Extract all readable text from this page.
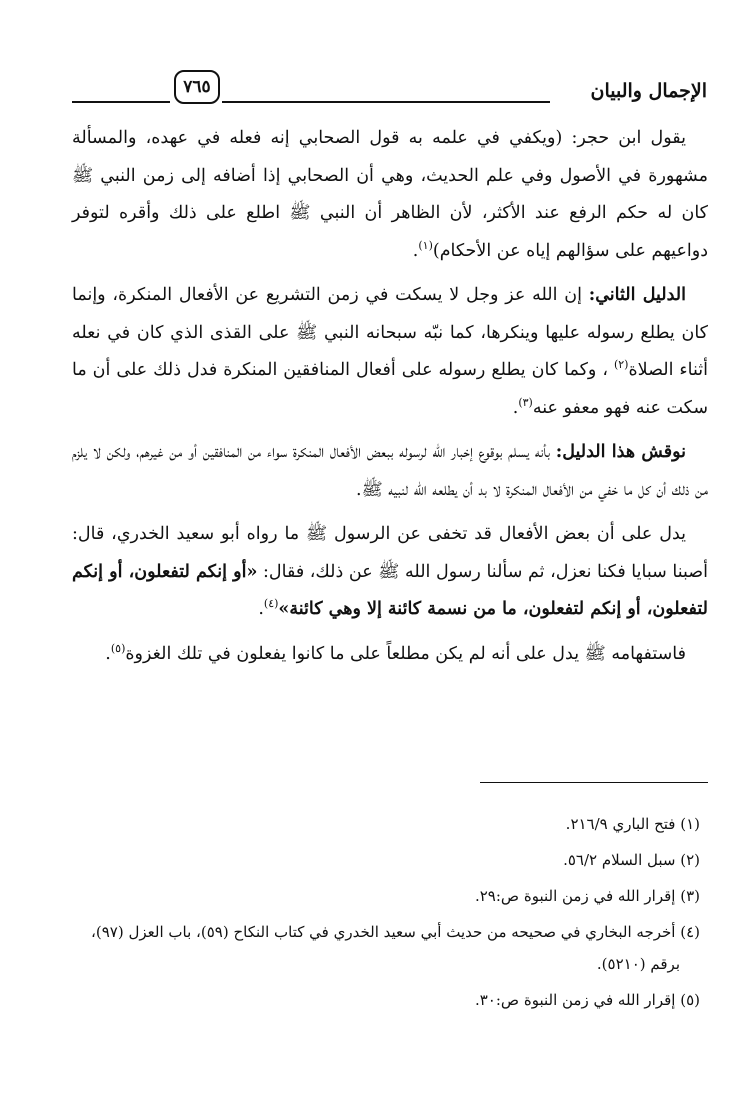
٧٦٥	الإجمال والبيان

يقول ابن حجر: (ويكفي في علمه به قول الصحابي إنه فعله في عهده، والمسألة مشهورة في الأصول وفي علم الحديث، وهي أن الصحابي إذا أضافه إلى زمن النبي ﷺ كان له حكم الرفع عند الأكثر، لأن الظاهر أن النبي ﷺ اطلع على ذلك وأقره لتوفر دواعيهم على سؤالهم إياه عن الأحكام)$^{(١)}$.

الدليل الثاني: إن الله عز وجل لا يسكت في زمن التشريع عن الأفعال المنكرة، وإنما كان يطلع رسوله عليها وينكرها، كما نبّه سبحانه النبي ﷺ على القذى الذي كان في نعله أثناء الصلاة$^{(٢)}$ ، وكما كان يطلع رسوله على أفعال المنافقين المنكرة فدل ذلك على أن ما سكت عنه فهو معفو عنه$^{(٣)}$.

نوقش هذا الدليل: بأنه يسلم بوقوع إخبار الله لرسوله ببعض الأفعال المنكرة سواء من المنافقين أو من غيرهم، ولكن لا يلزم من ذلك أن كل ما خفي من الأفعال المنكرة لا بد أن يطلعه الله لنبيه ﷺ.

يدل على أن بعض الأفعال قد تخفى عن الرسول ﷺ ما رواه أبو سعيد الخدري، قال: أصبنا سبايا فكنا نعزل، ثم سألنا رسول الله ﷺ عن ذلك، فقال: «أو إنكم لتفعلون، أو إنكم لتفعلون، أو إنكم لتفعلون، ما من نسمة كائنة إلا وهي كائنة»$^{(٤)}$.

فاستفهامه ﷺ يدل على أنه لم يكن مطلعاً على ما كانوا يفعلون في تلك الغزوة$^{(٥)}$.

(١) فتح الباري ٢١٦/٩.
(٢) سبل السلام ٥٦/٢.
(٣) إقرار الله في زمن النبوة ص:٢٩.
(٤) أخرجه البخاري في صحيحه من حديث أبي سعيد الخدري في كتاب النكاح (٥٩)، باب العزل (٩٧)،
برقم (٥٢١٠).
(٥) إقرار الله في زمن النبوة ص:٣٠.
